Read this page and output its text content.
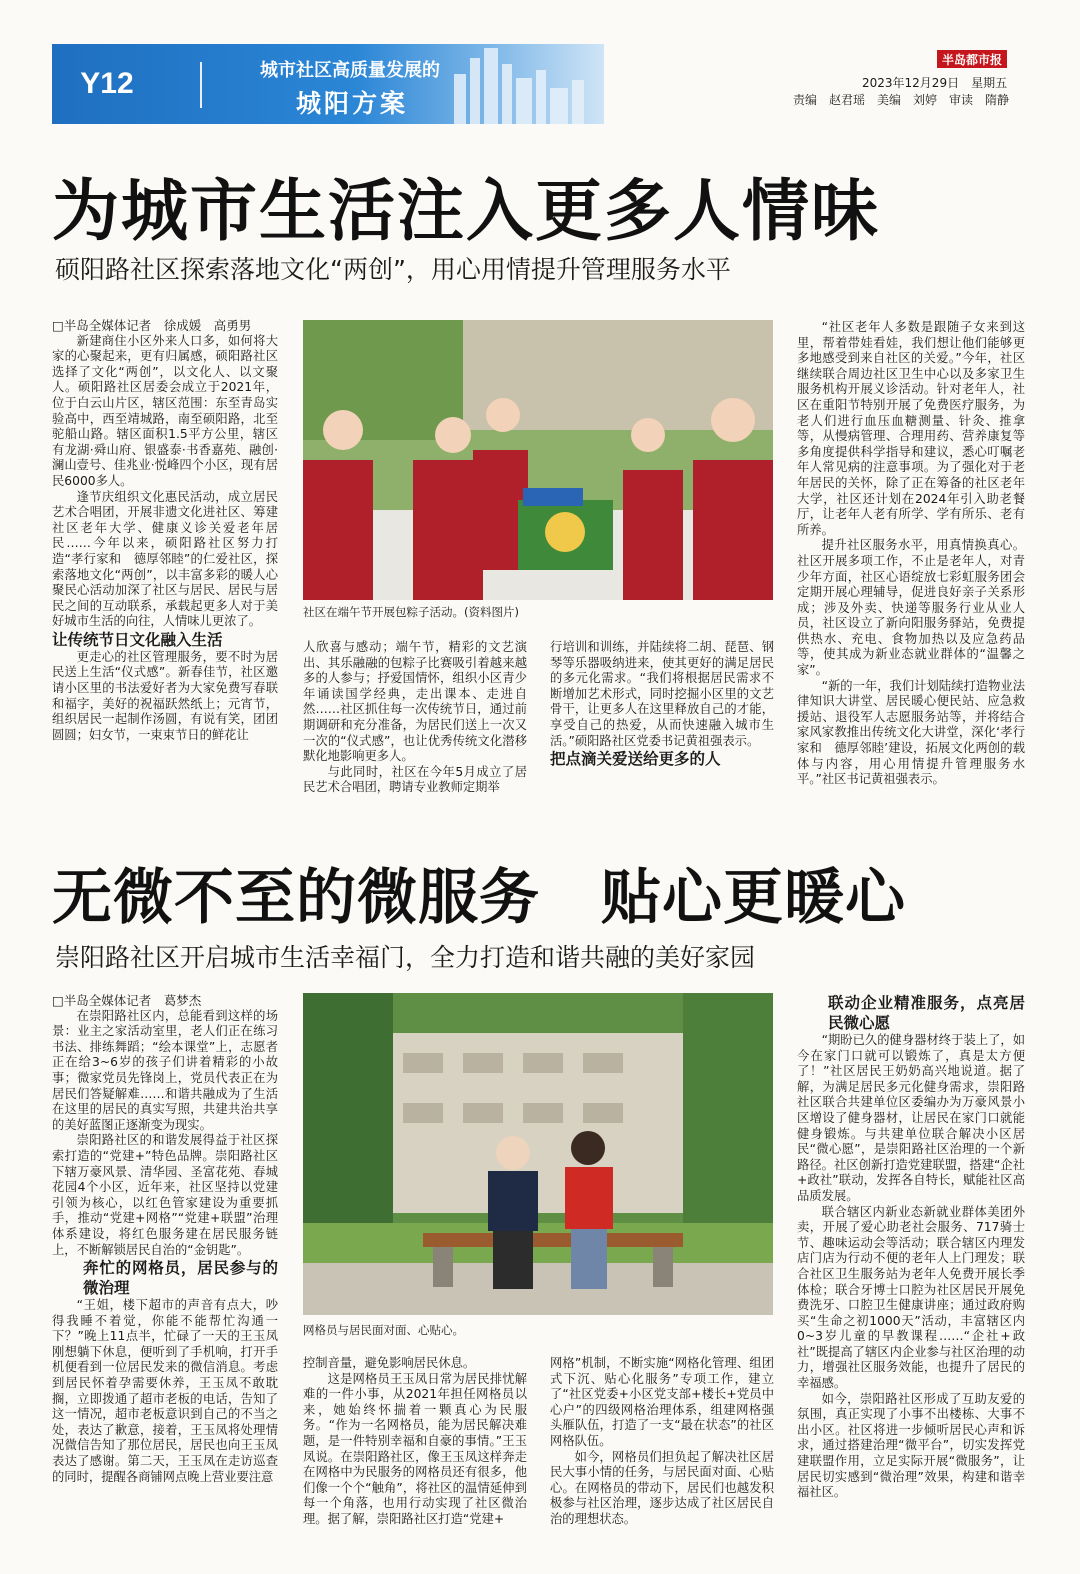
Y12	城市社区高质量发展的
城阳方案
半岛都市报
2023年12月29日　星期五
责编　赵君瑶　美编　刘婷　审读　隋静
为城市生活注入更多人情味
硕阳路社区探索落地文化“两创”，用心用情提升管理服务水平

□半岛全媒体记者　徐成媛　高勇男

新建商住小区外来人口多，如何将大家的心聚起来，更有归属感，硕阳路社区选择了文化“两创”，以文化人、以文聚人。硕阳路社区居委会成立于2021年，位于白云山片区，辖区范围：东至青岛实验高中，西至靖城路，南至硕阳路，北至驼船山路。辖区面积1.5平方公里，辖区有龙湖·舜山府、银盛泰·书香嘉苑、融创·澜山壹号、佳兆业·悦峰四个小区，现有居民6000多人。

逢节庆组织文化惠民活动，成立居民艺术合唱团，开展非遗文化进社区、筹建社区老年大学、健康义诊关爱老年居民……今年以来，硕阳路社区努力打造“孝行家和　德厚邻睦”的仁爱社区，探索落地文化“两创”，以丰富多彩的暖人心聚民心活动加深了社区与居民、居民与居民之间的互动联系，承载起更多人对于美好城市生活的向往，人情味儿更浓了。

让传统节日文化融入生活

更走心的社区管理服务，要不时为居民送上生活“仪式感”。新春佳节，社区邀请小区里的书法爱好者为大家免费写春联和福字，美好的祝福跃然纸上；元宵节，组织居民一起制作汤圆，有说有笑，团团圆圆；妇女节，一束束节日的鲜花让

社区在端午节开展包粽子活动。(资料图片)

人欣喜与感动；端午节，精彩的文艺演出、其乐融融的包粽子比赛吸引着越来越多的人参与；抒爱国情怀，组织小区青少年诵读国学经典，走出课本、走进自然……社区抓住每一次传统节日，通过前期调研和充分准备，为居民们送上一次又一次的“仪式感”，也让优秀传统文化潜移默化地影响更多人。

与此同时，社区在今年5月成立了居民艺术合唱团，聘请专业教师定期举

行培训和训练，并陆续将二胡、琵琶、钢琴等乐器吸纳进来，使其更好的满足居民的多元化需求。“我们将根据居民需求不断增加艺术形式，同时挖掘小区里的文艺骨干，让更多人在这里释放自己的才能，享受自己的热爱，从而快速融入城市生活。”硕阳路社区党委书记黄祖强表示。

把点滴关爱送给更多的人

“社区老年人多数是跟随子女来到这里，帮着带娃看娃，我们想让他们能够更多地感受到来自社区的关爱。”今年，社区继续联合周边社区卫生中心以及多家卫生服务机构开展义诊活动。针对老年人，社区在重阳节特别开展了免费医疗服务，为老人们进行血压血糖测量、针灸、推拿等，从慢病管理、合理用药、营养康复等多角度提供科学指导和建议，悉心叮嘱老年人常见病的注意事项。为了强化对于老年居民的关怀，除了正在筹备的社区老年大学，社区还计划在2024年引入助老餐厅，让老年人老有所学、学有所乐、老有所养。

提升社区服务水平，用真情换真心。社区开展多项工作，不止是老年人，对青少年方面，社区心语绽放七彩虹服务团会定期开展心理辅导，促进良好亲子关系形成；涉及外卖、快递等服务行业从业人员，社区设立了新向阳服务驿站，免费提供热水、充电、食物加热以及应急药品等，使其成为新业态就业群体的“温馨之家”。

“新的一年，我们计划陆续打造物业法律知识大讲堂、居民暖心便民站、应急救援站、退役军人志愿服务站等，并将结合家风家教推出传统文化大讲堂，深化‘孝行家和　德厚邻睦’建设，拓展文化两创的载体与内容，用心用情提升管理服务水平。”社区书记黄祖强表示。

无微不至的微服务　贴心更暖心
崇阳路社区开启城市生活幸福门，全力打造和谐共融的美好家园

□半岛全媒体记者　葛梦杰

在崇阳路社区内，总能看到这样的场景：业主之家活动室里，老人们正在练习书法、排练舞蹈；“绘本课堂”上，志愿者正在给3~6岁的孩子们讲着精彩的小故事；微家党员先锋岗上，党员代表正在为居民们答疑解难……和谐共融成为了生活在这里的居民的真实写照，共建共治共享的美好蓝图正逐渐变为现实。

崇阳路社区的和谐发展得益于社区探索打造的“党建+”特色品牌。崇阳路社区下辖万豪风景、清华园、圣富花苑、春城花园4个小区，近年来，社区坚持以党建引领为核心，以红色管家建设为重要抓手，推动“党建+网格”“党建+联盟”治理体系建设，将红色服务建在居民服务链上，不断解锁居民自治的“金钥匙”。

奔忙的网格员，居民参与的微治理

“王姐，楼下超市的声音有点大，吵得我睡不着觉，你能不能帮忙沟通一下？”晚上11点半，忙碌了一天的王玉凤刚想躺下休息，便听到了手机响，打开手机便看到一位居民发来的微信消息。考虑到居民怀着孕需要休养，王玉凤不敢耽搁，立即拨通了超市老板的电话，告知了这一情况，超市老板意识到自己的不当之处，表达了歉意，接着，王玉凤将处理情况微信告知了那位居民，居民也向王玉凤表达了感谢。第二天，王玉凤在走访巡查的同时，提醒各商铺网点晚上营业要注意

网格员与居民面对面、心贴心。

控制音量，避免影响居民休息。

这是网格员王玉凤日常为居民排忧解难的一件小事，从2021年担任网格员以来，她始终怀揣着一颗真心为民服务。“作为一名网格员，能为居民解决难题，是一件特别幸福和自豪的事情。”王玉凤说。在崇阳路社区，像王玉凤这样奔走在网格中为民服务的网格员还有很多，他们像一个个“触角”，将社区的温情延伸到每一个角落，也用行动实现了社区微治理。据了解，崇阳路社区打造“党建+

网格”机制，不断实施“网格化管理、组团式下沉、贴心化服务”专项工作，建立了“社区党委+小区党支部+楼长+党员中心户”的四级网格治理体系，组建网格强头雁队伍，打造了一支“最在状态”的社区网格队伍。

如今，网格员们担负起了解决社区居民大事小情的任务，与居民面对面、心贴心。在网格员的带动下，居民们也越发积极参与社区治理，逐步达成了社区居民自治的理想状态。

联动企业精准服务，点亮居民微心愿

“期盼已久的健身器材终于装上了，如今在家门口就可以锻炼了，真是太方便了！”社区居民王奶奶高兴地说道。据了解，为满足居民多元化健身需求，崇阳路社区联合共建单位区委编办为万豪风景小区增设了健身器材，让居民在家门口就能健身锻炼。与共建单位联合解决小区居民“微心愿”，是崇阳路社区治理的一个新路径。社区创新打造党建联盟，搭建“企社+政社”联动，发挥各自特长，赋能社区高品质发展。

联合辖区内新业态新就业群体美团外卖，开展了爱心助老社会服务、717骑士节、趣味运动会等活动；联合辖区内理发店门店为行动不便的老年人上门理发；联合社区卫生服务站为老年人免费开展长季体检；联合牙博士口腔为社区居民开展免费洗牙、口腔卫生健康讲座；通过政府购买“生命之初1000天”活动，丰富辖区内0~3岁儿童的早教课程……“企社+政社”既提高了辖区内企业参与社区治理的动力，增强社区服务效能，也提升了居民的幸福感。

如今，崇阳路社区形成了互助友爱的氛围，真正实现了小事不出楼栋、大事不出小区。社区将进一步倾听居民心声和诉求，通过搭建治理“微平台”，切实发挥党建联盟作用，立足实际开展“微服务”，让居民切实感到“微治理”效果，构建和谐幸福社区。
